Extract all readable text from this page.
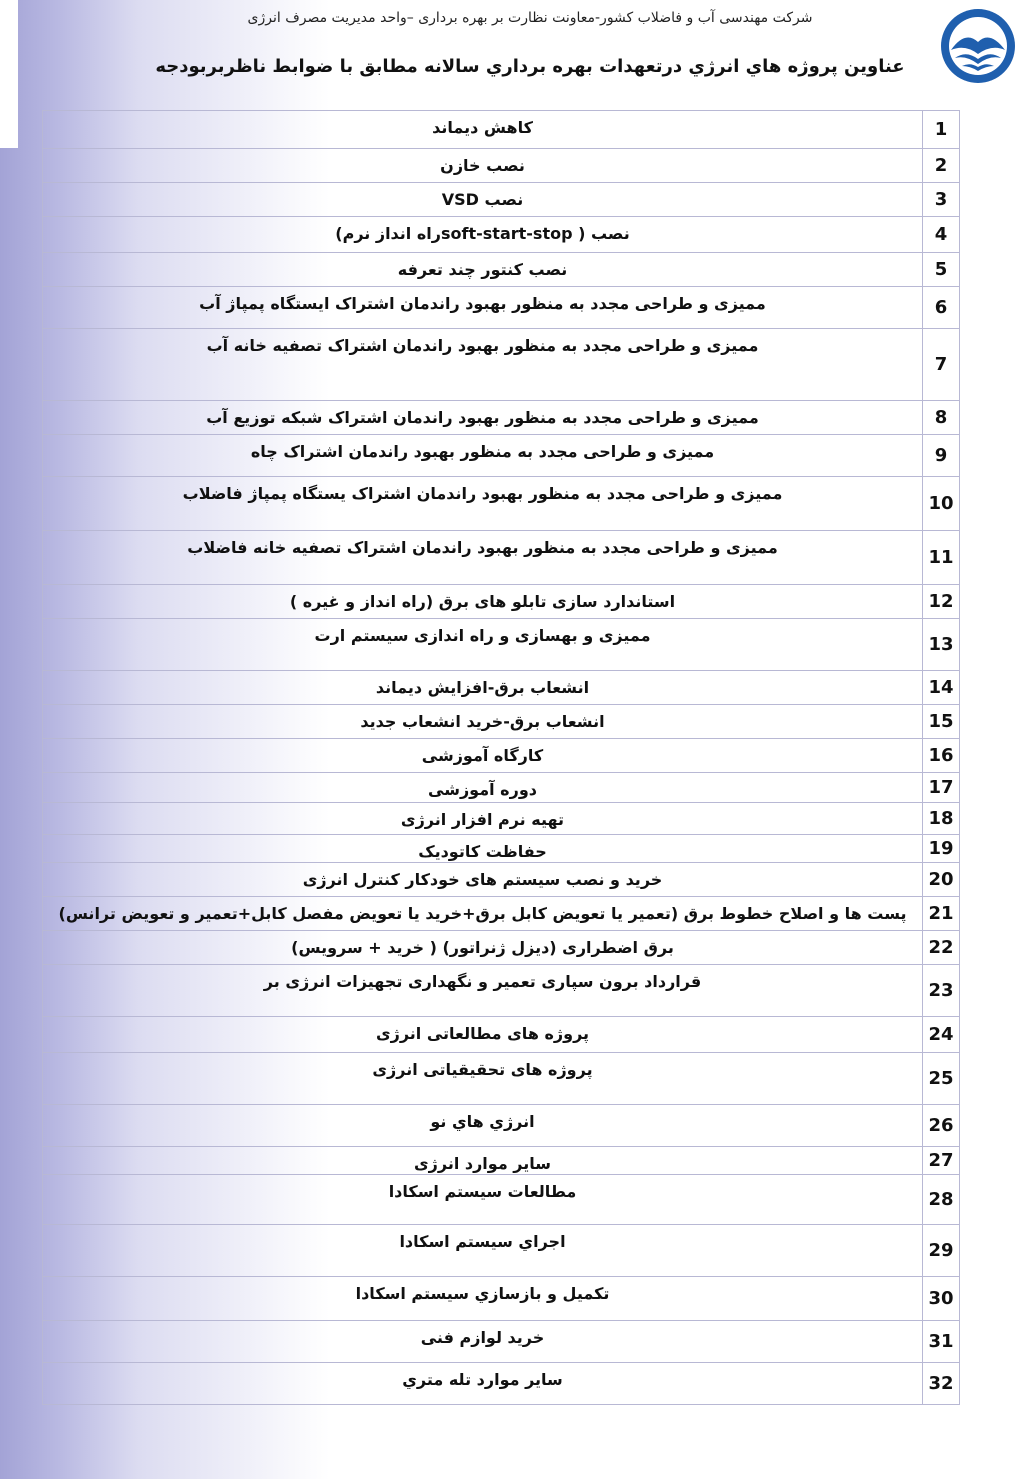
شرکت مهندسی آب و فاضلاب کشور-معاونت نظارت بر بهره برداری –واحد مدیریت مصرف انرژی
عناوين پروژه هاي انرژي درتعهدات بهره برداري سالانه مطابق با ضوابط ناظربربودجه
كاهش ديماند	1
نصب خازن	2
نصب VSD	3
نصب ( soft-start-stopراه انداز نرم)	4
نصب كنتور چند تعرفه	5
مميزی و طراحی مجدد به منظور بهبود راندمان اشتراک ايستگاه پمپاژ آب	6
مميزی و طراحی مجدد به منظور بهبود راندمان اشتراک تصفيه خانه آب	7
مميزی و طراحی مجدد به منظور بهبود راندمان اشتراک شبکه توزيع آب	8
مميزی و طراحی مجدد به منظور بهبود راندمان اشتراک چاه	9
مميزی و طراحی مجدد به منظور بهبود راندمان اشتراک يستگاه پمپاژ فاضلاب	10
مميزی و طراحی مجدد به منظور بهبود راندمان اشتراک تصفيه خانه فاضلاب	11
استاندارد سازی تابلو های برق (راه انداز و غيره )	12
مميزی و بهسازی و راه اندازی سيستم ارت	13
انشعاب برق-افزايش ديماند	14
انشعاب برق-خريد انشعاب جديد	15
كارگاه آموزشی	16
دوره آموزشی	17
تهيه نرم افزار انرژی	18
حفاظت كاتوديک	19
خريد و نصب سيستم های خودكار كنترل انرژی	20
پست ها و اصلاح خطوط برق (تعمير يا تعويض كابل برق+خريد يا تعويض مفصل كابل+تعمير و تعويض ترانس)	21
برق اضطراری (ديزل ژنراتور) ( خريد + سرويس)	22
قرارداد برون سپاری تعمير و نگهداری تجهيزات انرژی بر	23
پروژه های مطالعاتی انرژی	24
پروژه های تحقيقياتی انرژی	25
انرژي هاي نو	26
ساير موارد انرژی	27
مطالعات سيستم اسكادا	28
اجراي سيستم اسكادا	29
تكميل و بازسازي سيستم اسكادا	30
خريد لوازم فنی	31
ساير موارد تله متري	32
